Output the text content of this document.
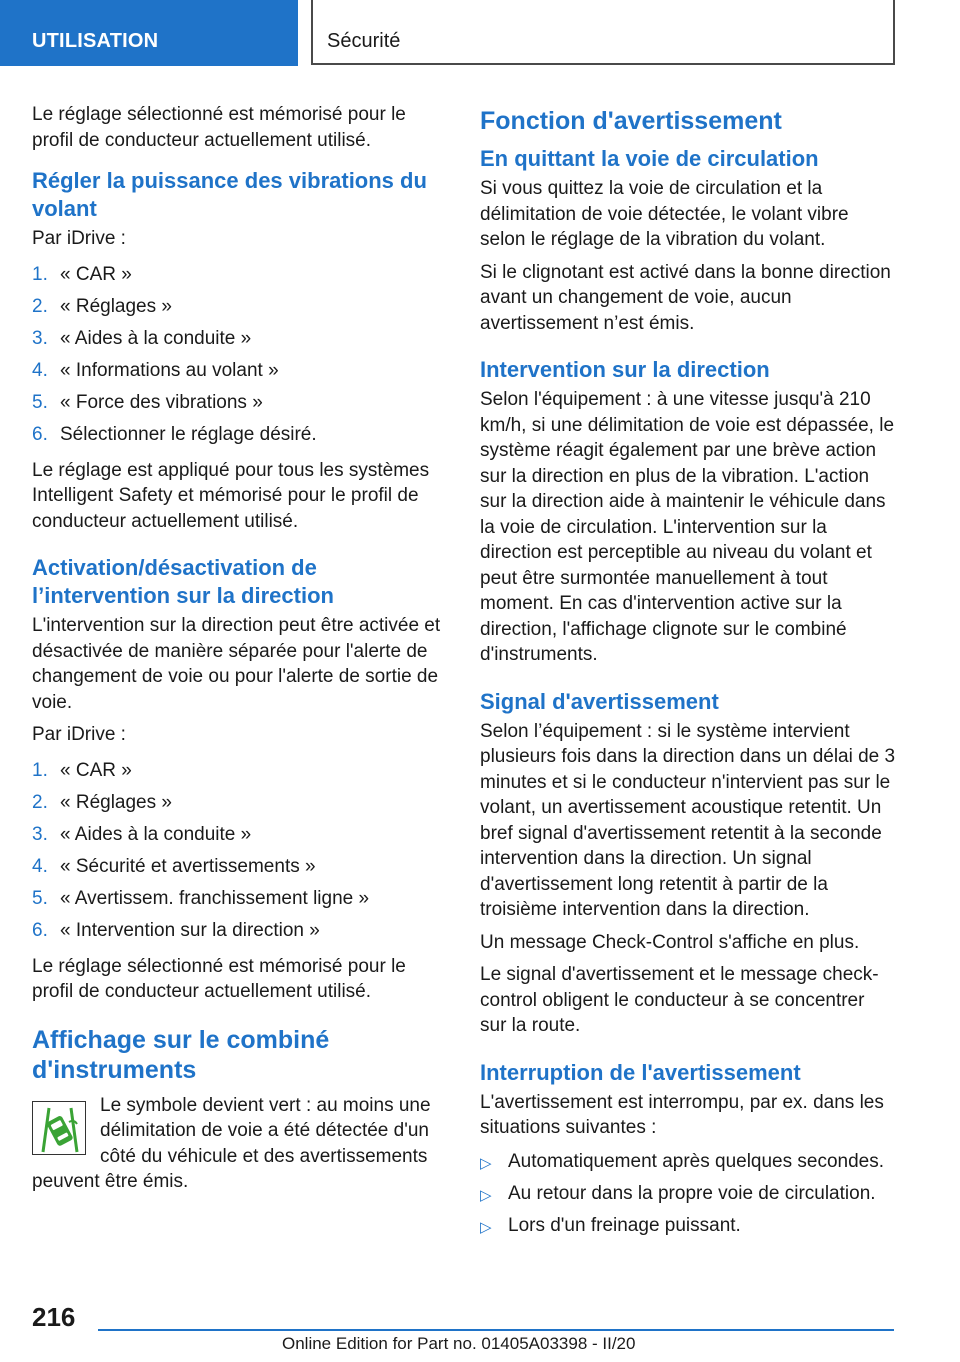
UTILISATION	Sécurité

Le réglage sélectionné est mémorisé pour le profil de conducteur actuellement utilisé.

Régler la puissance des vibrations du volant

Par iDrive :

1. « CAR »
2. « Réglages »
3. « Aides à la conduite »
4. « Informations au volant »
5. « Force des vibrations »
6. Sélectionner le réglage désiré.

Le réglage est appliqué pour tous les systèmes Intelligent Safety et mémorisé pour le profil de conducteur actuellement utilisé.

Activation/désactivation de l’intervention sur la direction

L'intervention sur la direction peut être activée et désactivée de manière séparée pour l'alerte de changement de voie ou pour l'alerte de sortie de voie.

Par iDrive :

1. « CAR »
2. « Réglages »
3. « Aides à la conduite »
4. « Sécurité et avertissements »
5. « Avertissem. franchissement ligne »
6. « Intervention sur la direction »

Le réglage sélectionné est mémorisé pour le profil de conducteur actuellement utilisé.

Affichage sur le combiné d'instruments

Le symbole devient vert : au moins une délimitation de voie a été détectée d'un côté du véhicule et des avertissements peuvent être émis.

Fonction d'avertissement
En quittant la voie de circulation

Si vous quittez la voie de circulation et la délimitation de voie détectée, le volant vibre selon le réglage de la vibration du volant.

Si le clignotant est activé dans la bonne direction avant un changement de voie, aucun avertissement n’est émis.

Intervention sur la direction

Selon l'équipement : à une vitesse jusqu'à 210 km/h, si une délimitation de voie est dépassée, le système réagit également par une brève action sur la direction en plus de la vibration. L'action sur la direction aide à maintenir le véhicule dans la voie de circulation. L'intervention sur la direction est perceptible au niveau du volant et peut être surmontée manuellement à tout moment. En cas d'intervention active sur la direction, l'affichage clignote sur le combiné d'instruments.

Signal d'avertissement

Selon l’équipement : si le système intervient plusieurs fois dans la direction dans un délai de 3 minutes et si le conducteur n'intervient pas sur le volant, un avertissement acoustique retentit. Un bref signal d'avertissement retentit à la seconde intervention dans la direction. Un signal d'avertissement long retentit à partir de la troisième intervention dans la direction.

Un message Check-Control s'affiche en plus.

Le signal d'avertissement et le message check-control obligent le conducteur à se concentrer sur la route.

Interruption de l'avertissement

L'avertissement est interrompu, par ex. dans les situations suivantes :

▷ Automatiquement après quelques secondes.
▷ Au retour dans la propre voie de circulation.
▷ Lors d'un freinage puissant.
216
Online Edition for Part no. 01405A03398 - II/20
